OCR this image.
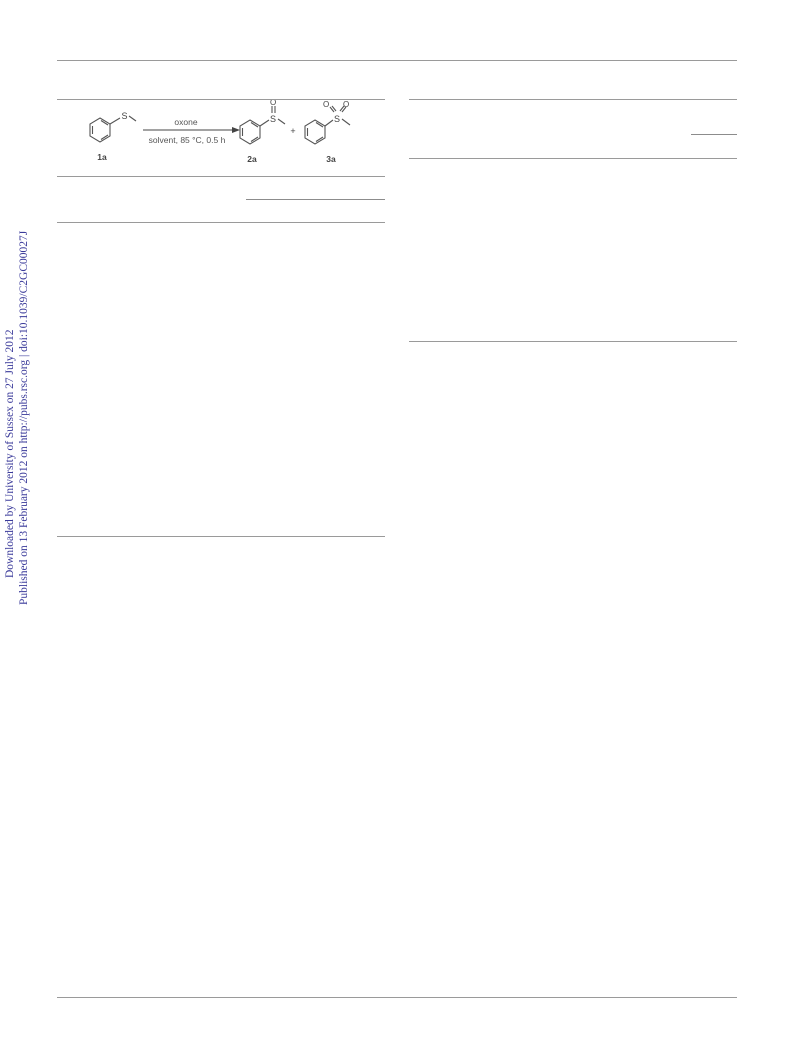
Downloaded by University of Sussex on 27 July 2012 Published on 13 February 2012 on http://pubs.rsc.org | doi:10.1039/C2GC00027J
S
1a
oxone
solvent, 85 °C, 0.5 h
S
O
2a
+
S
O O
3a
